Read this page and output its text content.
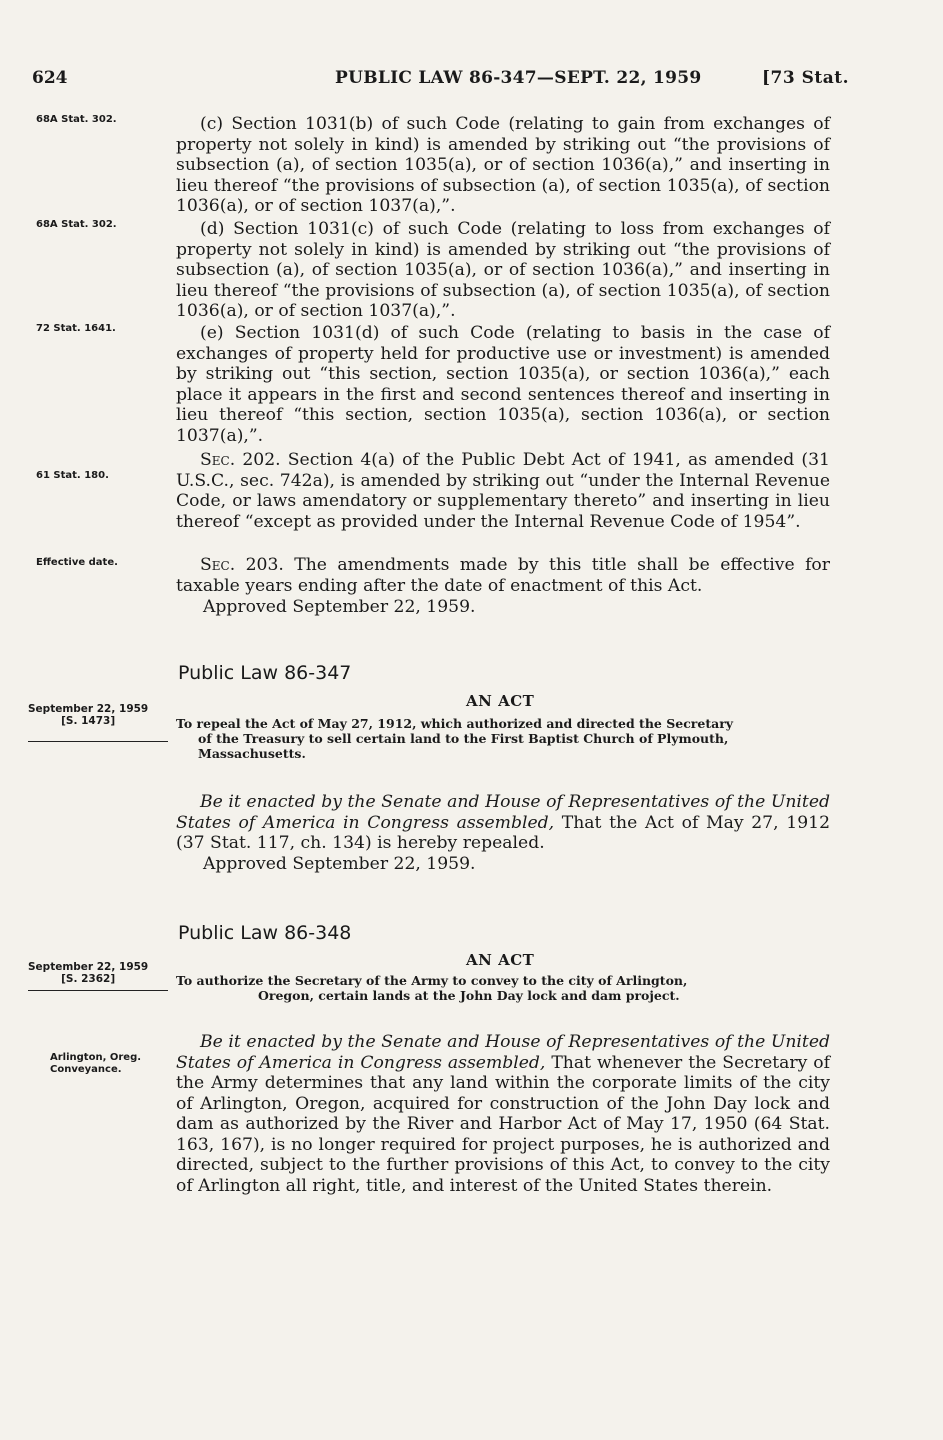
624	PUBLIC LAW 86-347—SEPT. 22, 1959	[73 Stat.
68A Stat. 302.
68A Stat. 302.
72 Stat. 1641.
61 Stat. 180.
Effective date.

(c) Section 1031(b) of such Code (relating to gain from exchanges of property not solely in kind) is amended by striking out “the provisions of subsection (a), of section 1035(a), or of section 1036(a),” and inserting in lieu thereof “the provisions of subsection (a), of section 1035(a), of section 1036(a), or of section 1037(a),”.

(d) Section 1031(c) of such Code (relating to loss from exchanges of property not solely in kind) is amended by striking out “the provisions of subsection (a), of section 1035(a), or of section 1036(a),” and inserting in lieu thereof “the provisions of subsection (a), of section 1035(a), of section 1036(a), or of section 1037(a),”.

(e) Section 1031(d) of such Code (relating to basis in the case of exchanges of property held for productive use or investment) is amended by striking out “this section, section 1035(a), or section 1036(a),” each place it appears in the first and second sentences thereof and inserting in lieu thereof “this section, section 1035(a), section 1036(a), or section 1037(a),”.

Sec. 202. Section 4(a) of the Public Debt Act of 1941, as amended (31 U.S.C., sec. 742a), is amended by striking out “under the Internal Revenue Code, or laws amendatory or supplementary thereto” and inserting in lieu thereof “except as provided under the Internal Revenue Code of 1954”.

Sec. 203. The amendments made by this title shall be effective for taxable years ending after the date of enactment of this Act.

Approved September 22, 1959.
Public Law 86-347
AN ACT
September 22, 1959
[S. 1473]	To repeal the Act of May 27, 1912, which authorized and directed the Secretary
of the Treasury to sell certain land to the First Baptist Church of Plymouth, Massachusetts.

Be it enacted by the Senate and House of Representatives of the United States of America in Congress assembled, That the Act of May 27, 1912 (37 Stat. 117, ch. 134) is hereby repealed.

Approved September 22, 1959.
Public Law 86-348
AN ACT
September 22, 1959
[S. 2362]	To authorize the Secretary of the Army to convey to the city of Arlington,
Oregon, certain lands at the John Day lock and dam project.

Arlington, Oreg.
Conveyance.

Be it enacted by the Senate and House of Representatives of the United States of America in Congress assembled, That whenever the Secretary of the Army determines that any land within the corporate limits of the city of Arlington, Oregon, acquired for construction of the John Day lock and dam as authorized by the River and Harbor Act of May 17, 1950 (64 Stat. 163, 167), is no longer required for project purposes, he is authorized and directed, subject to the further provisions of this Act, to convey to the city of Arlington all right, title, and interest of the United States therein.
